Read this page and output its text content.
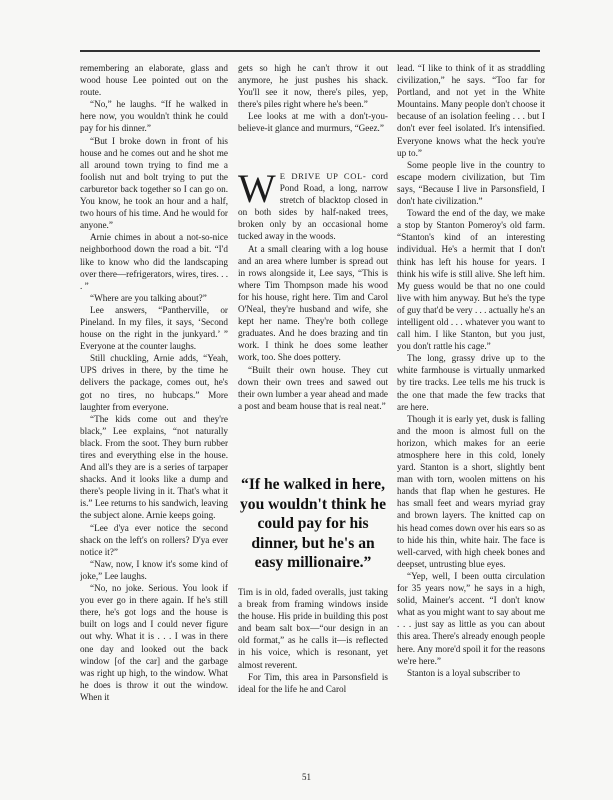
remembering an elaborate, glass and wood house Lee pointed out on the route.

“No,” he laughs. “If he walked in here now, you wouldn't think he could pay for his dinner.”

“But I broke down in front of his house and he comes out and he shot me all around town trying to find me a foolish nut and bolt trying to put the carburetor back together so I can go on. You know, he took an hour and a half, two hours of his time. And he would for anyone.”

Arnie chimes in about a not-so-nice neighborhood down the road a bit. “I'd like to know who did the landscaping over there—refrigerators, wires, tires. . . . ”

“Where are you talking about?”

Lee answers, “Pantherville, or Pineland. In my files, it says, ‘Second house on the right in the junkyard.’ ” Everyone at the counter laughs.

Still chuckling, Arnie adds, “Yeah, UPS drives in there, by the time he delivers the package, comes out, he's got no tires, no hubcaps.” More laughter from everyone.

“The kids come out and they're black,” Lee explains, “not naturally black. From the soot. They burn rubber tires and everything else in the house. And all's they are is a series of tarpaper shacks. And it looks like a dump and there's people living in it. That's what it is.” Lee returns to his sandwich, leaving the subject alone. Arnie keeps going.

“Lee d'ya ever notice the second shack on the left's on rollers? D'ya ever notice it?”

“Naw, now, I know it's some kind of joke,” Lee laughs.

“No, no joke. Serious. You look if you ever go in there again. If he's still there, he's got logs and the house is built on logs and I could never figure out why. What it is . . . I was in there one day and looked out the back window [of the car] and the garbage was right up high, to the window. What he does is throw it out the window. When it

gets so high he can't throw it out anymore, he just pushes his shack. You'll see it now, there's piles, yep, there's piles right where he's been.”

Lee looks at me with a don't-you-believe-it glance and murmurs, “Geez.”

W E DRIVE UP COL- cord Pond Road, a long, narrow stretch of blacktop closed in on both sides by half-naked trees, broken only by an occasional home tucked away in the woods.

At a small clearing with a log house and an area where lumber is spread out in rows alongside it, Lee says, “This is where Tim Thompson made his wood for his house, right here. Tim and Carol O'Neal, they're husband and wife, she kept her name. They're both college graduates. And he does brazing and tin work. I think he does some leather work, too. She does pottery.

“Built their own house. They cut down their own trees and sawed out their own lumber a year ahead and made a post and beam house that is real neat.”

“If he walked in here, you wouldn't think he could pay for his dinner, but he's an easy millionaire.”

Tim is in old, faded overalls, just taking a break from framing windows inside the house. His pride in building this post and beam salt box—“our design in an old format,” as he calls it—is reflected in his voice, which is resonant, yet almost reverent.

For Tim, this area in Parsonsfield is ideal for the life he and Carol

lead. “I like to think of it as straddling civilization,” he says. “Too far for Portland, and not yet in the White Mountains. Many people don't choose it because of an isolation feeling . . . but I don't ever feel isolated. It's intensified. Everyone knows what the heck you're up to.”

Some people live in the country to escape modern civilization, but Tim says, “Because I live in Parsonsfield, I don't hate civilization.”

Toward the end of the day, we make a stop by Stanton Pomeroy's old farm. “Stanton's kind of an interesting individual. He's a hermit that I don't think has left his house for years. I think his wife is still alive. She left him. My guess would be that no one could live with him anyway. But he's the type of guy that'd be very . . . actually he's an intelligent old . . . whatever you want to call him. I like Stanton, but you just, you don't rattle his cage.”

The long, grassy drive up to the white farmhouse is virtually unmarked by tire tracks. Lee tells me his truck is the one that made the few tracks that are here.

Though it is early yet, dusk is falling and the moon is almost full on the horizon, which makes for an eerie atmosphere here in this cold, lonely yard. Stanton is a short, slightly bent man with torn, woolen mittens on his hands that flap when he gestures. He has small feet and wears myriad gray and brown layers. The knitted cap on his head comes down over his ears so as to hide his thin, white hair. The face is well-carved, with high cheek bones and deepset, untrusting blue eyes.

“Yep, well, I been outta circulation for 35 years now,” he says in a high, solid, Mainer's accent. “I don't know what as you might want to say about me . . . just say as little as you can about this area. There's already enough people here. Any more'd spoil it for the reasons we're here.”

Stanton is a loyal subscriber to

51
